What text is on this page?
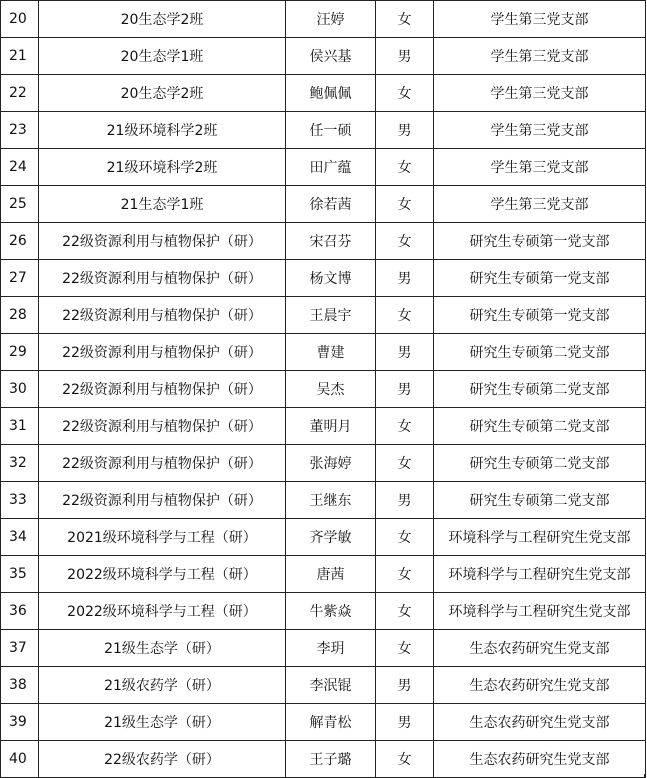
20	20生态学2班	汪婷	女	学生第三党支部
21	20生态学1班	侯兴基	男	学生第三党支部
22	20生态学2班	鲍佩佩	女	学生第三党支部
23	21级环境科学2班	任一硕	男	学生第三党支部
24	21级环境科学2班	田广蕴	女	学生第三党支部
25	21生态学1班	徐若茜	女	学生第三党支部
26	22级资源利用与植物保护（研）	宋召芬	女	研究生专硕第一党支部
27	22级资源利用与植物保护（研）	杨文博	男	研究生专硕第一党支部
28	22级资源利用与植物保护（研）	王晨宇	女	研究生专硕第一党支部
29	22级资源利用与植物保护（研）	曹建	男	研究生专硕第二党支部
30	22级资源利用与植物保护（研）	吴杰	男	研究生专硕第二党支部
31	22级资源利用与植物保护（研）	董明月	女	研究生专硕第二党支部
32	22级资源利用与植物保护（研）	张海婷	女	研究生专硕第二党支部
33	22级资源利用与植物保护（研）	王继东	男	研究生专硕第二党支部
34	2021级环境科学与工程（研）	齐学敏	女	环境科学与工程研究生党支部
35	2022级环境科学与工程（研）	唐茜	女	环境科学与工程研究生党支部
36	2022级环境科学与工程（研）	牛紫焱	女	环境科学与工程研究生党支部
37	21级生态学（研）	李玥	女	生态农药研究生党支部
38	21级农药学（研）	李泯锟	男	生态农药研究生党支部
39	21级生态学（研）	解青松	男	生态农药研究生党支部
40	22级农药学（研）	王子璐	女	生态农药研究生党支部
